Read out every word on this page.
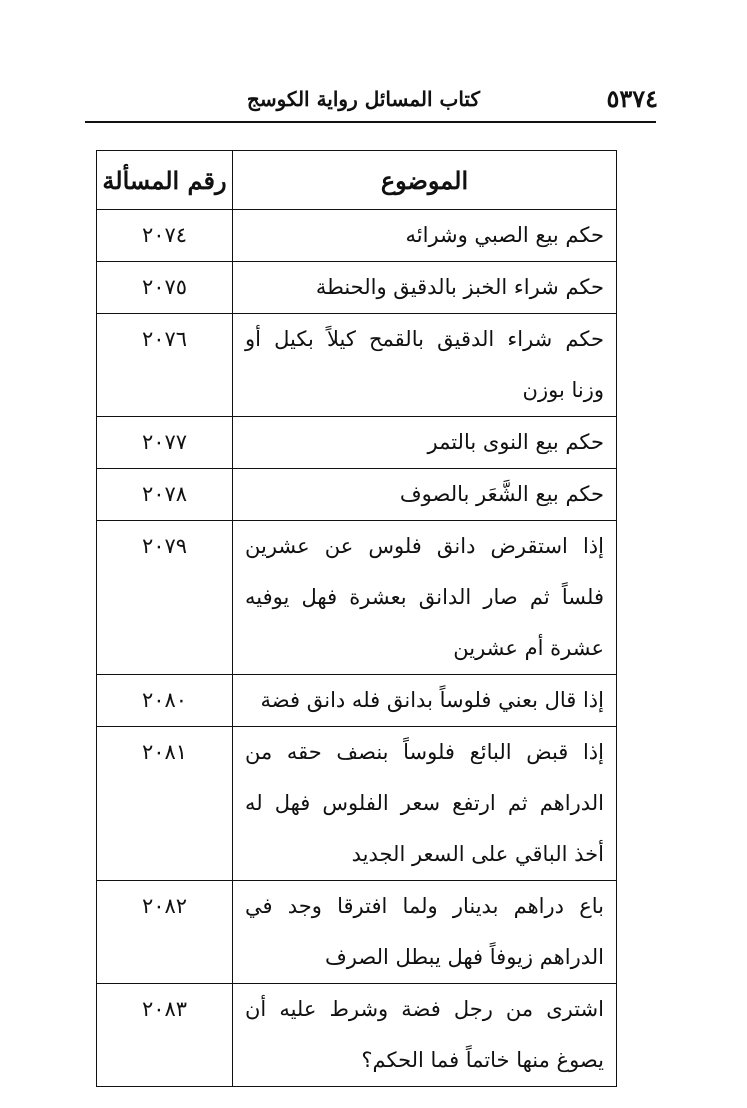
٥٣٧٤
كتاب المسائل رواية الكوسج
الموضوع	رقم المسألة
حكم بيع الصبي وشرائه	٢٠٧٤
حكم شراء الخبز بالدقيق والحنطة	٢٠٧٥
حكم شراء الدقيق بالقمح كيلاً بكيل أو وزنا بوزن	٢٠٧٦
حكم بيع النوى بالتمر	٢٠٧٧
حكم بيع الشَّعَر بالصوف	٢٠٧٨
إذا استقرض دانق فلوس عن عشرين فلساً ثم صار الدانق بعشرة فهل يوفيه عشرة أم عشرين	٢٠٧٩
إذا قال بعني فلوساً بدانق فله دانق فضة	٢٠٨٠
إذا قبض البائع فلوساً بنصف حقه من الدراهم ثم ارتفع سعر الفلوس فهل له أخذ الباقي على السعر الجديد	٢٠٨١
باع دراهم بدينار ولما افترقا وجد في الدراهم زيوفاً فهل يبطل الصرف	٢٠٨٢
اشترى من رجل فضة وشرط عليه أن يصوغ منها خاتماً فما الحكم؟	٢٠٨٣
